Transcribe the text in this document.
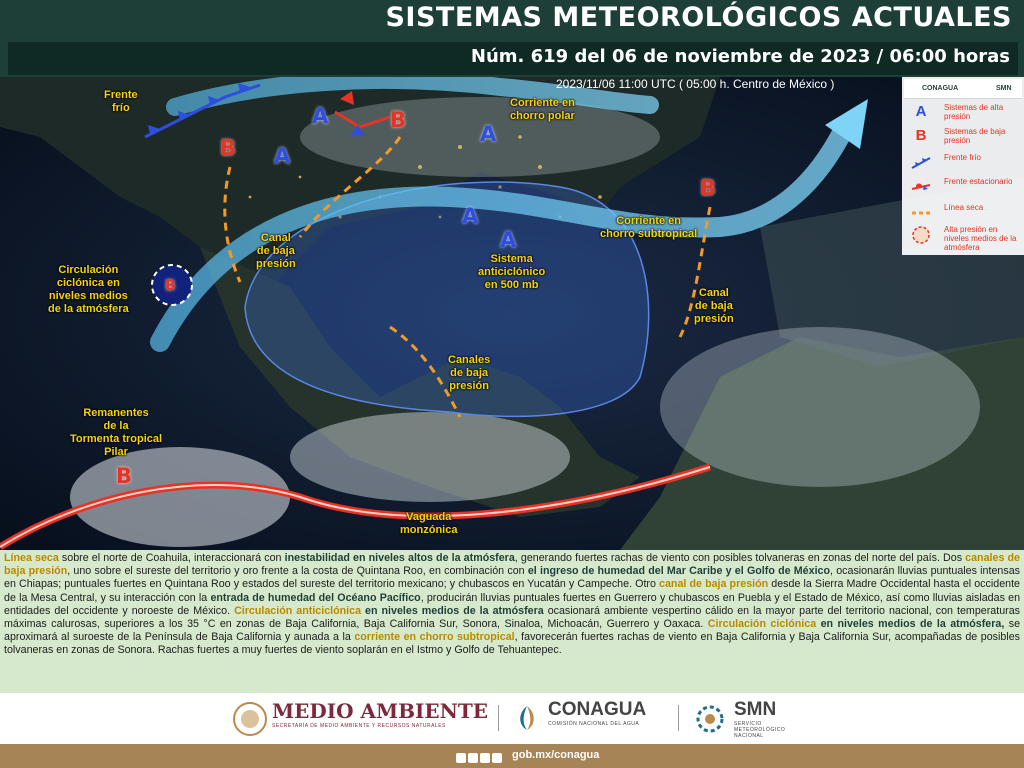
SISTEMAS METEOROLÓGICOS ACTUALES
Núm. 619 del 06 de noviembre de 2023 / 06:00 horas
2023/11/06 11:00 UTC ( 05:00 h. Centro de México )
A
A
A
A
A
B
B
B
B
B
Frente
frío	Corriente en
chorro polar
Canal
de baja
presión
Circulación
ciclónica en
niveles medios
de la atmósfera
Sistema
anticiclónico
en 500 mb
Corriente en
chorro subtropical
Canal
de baja
presión
Canales
de baja
presión
Remanentes
de la
Tormenta tropical
Pilar
Vaguada
monzónica
CONAGUA	SMN
A	Sistemas de alta presión
B	Sistemas de baja presión
Frente frío
Frente estacionario
Línea seca
Alta presión en niveles medios de la atmósfera
Línea seca sobre el norte de Coahuila, interaccionará con inestabilidad en niveles altos de la atmósfera, generando fuertes rachas de viento con posibles tolvaneras en zonas del norte del país. Dos canales de baja presión, uno sobre el sureste del territorio y oro frente a la costa de Quintana Roo, en combinación con el ingreso de humedad del Mar Caribe y el Golfo de México, ocasionarán lluvias puntuales intensas en Chiapas; puntuales fuertes en Quintana Roo y estados del sureste del territorio mexicano; y chubascos en Yucatán y Campeche. Otro canal de baja presión desde la Sierra Madre Occidental hasta el occidente de la Mesa Central, y su interacción con la entrada de humedad del Océano Pacífico, producirán lluvias puntuales fuertes en Guerrero y chubascos en Puebla y el Estado de México, así como lluvias aisladas en entidades del occidente y noroeste de México. Circulación anticiclónica en niveles medios de la atmósfera ocasionará ambiente vespertino cálido en la mayor parte del territorio nacional, con temperaturas máximas calurosas, superiores a los 35 °C en zonas de Baja California, Baja California Sur, Sonora, Sinaloa, Michoacán, Guerrero y Oaxaca. Circulación ciclónica en niveles medios de la atmósfera, se aproximará al suroeste de la Península de Baja California y aunada a la corriente en chorro subtropical, favorecerán fuertes rachas de viento en Baja California y Baja California Sur, acompañadas de posibles tolvaneras en zonas de Sonora. Rachas fuertes a muy fuertes de viento soplarán en el Istmo y Golfo de Tehuantepec.
MEDIO AMBIENTE
SECRETARÍA DE MEDIO AMBIENTE Y RECURSOS NATURALES
CONAGUA
COMISIÓN NACIONAL DEL AGUA
SMN
SERVICIO METEOROLÓGICO NACIONAL
gob.mx/conagua
